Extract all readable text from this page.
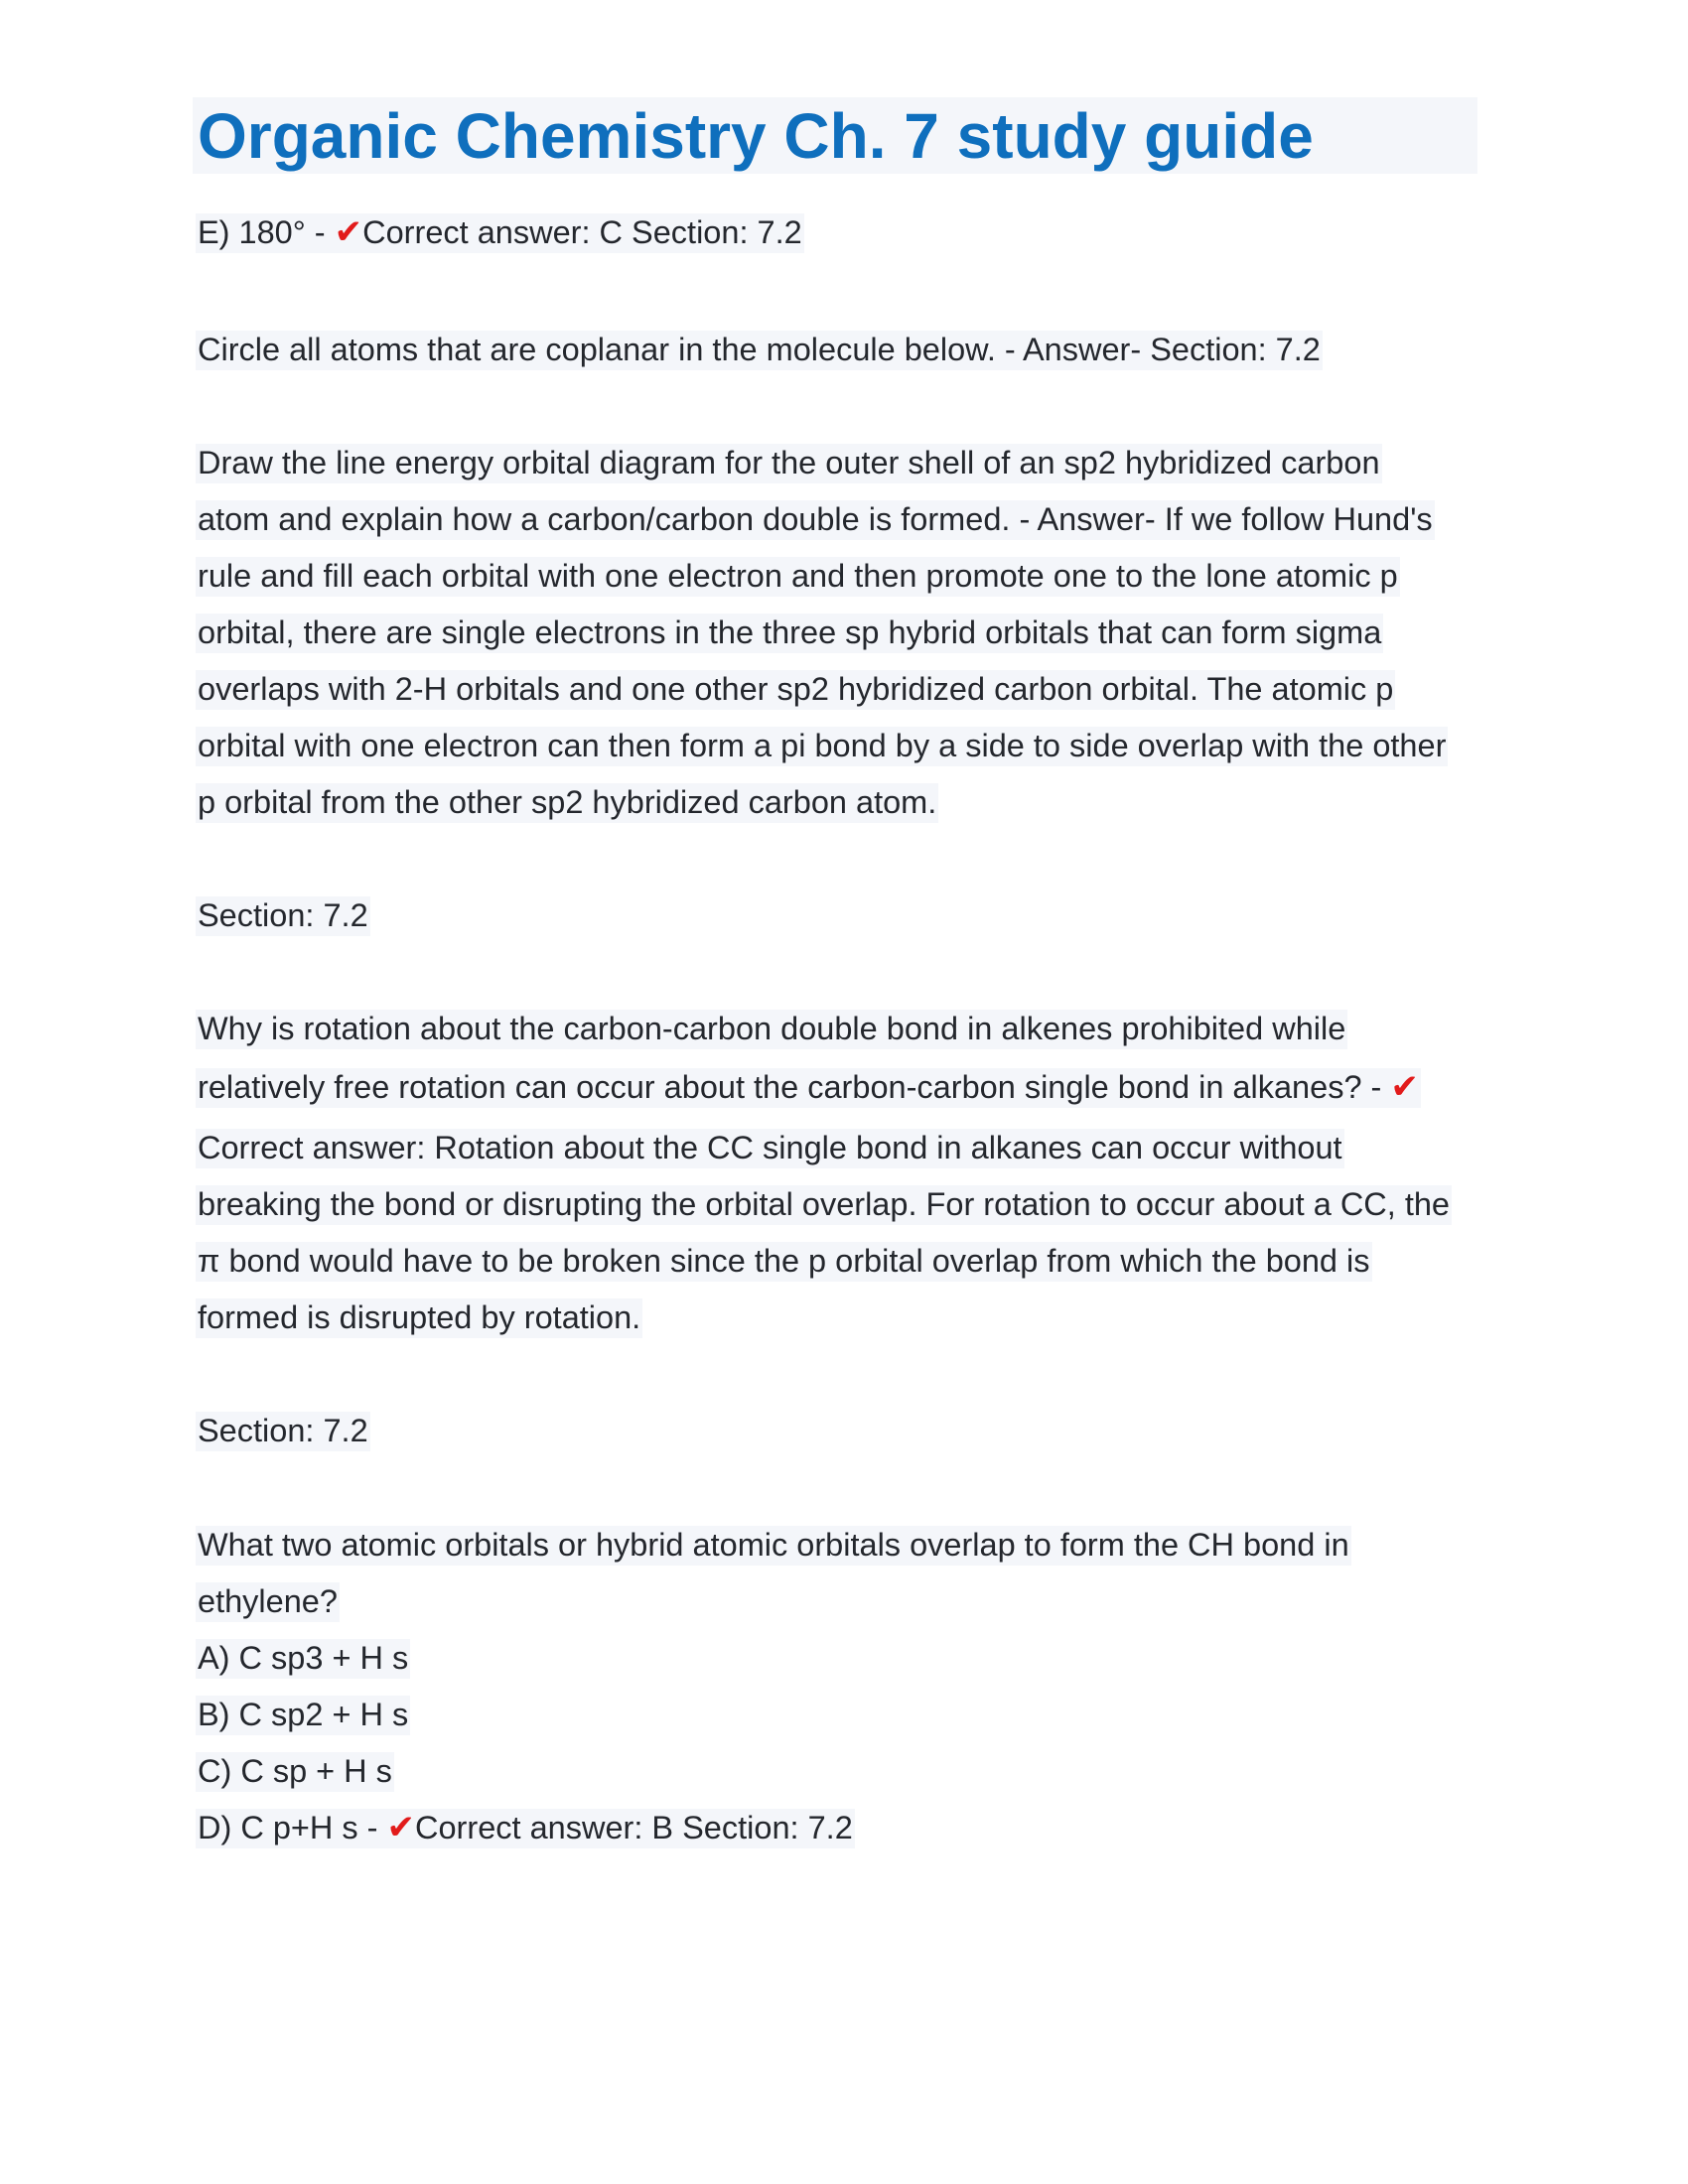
Organic Chemistry Ch. 7 study guide
E) 180° - ✔Correct answer: C Section: 7.2
Circle all atoms that are coplanar in the molecule below. - Answer- Section: 7.2
Draw the line energy orbital diagram for the outer shell of an sp2 hybridized carbon
atom and explain how a carbon/carbon double is formed. - Answer- If we follow Hund's
rule and fill each orbital with one electron and then promote one to the lone atomic p
orbital, there are single electrons in the three sp hybrid orbitals that can form sigma
overlaps with 2-H orbitals and one other sp2 hybridized carbon orbital. The atomic p
orbital with one electron can then form a pi bond by a side to side overlap with the other
p orbital from the other sp2 hybridized carbon atom.
Section: 7.2
Why is rotation about the carbon-carbon double bond in alkenes prohibited while
relatively free rotation can occur about the carbon-carbon single bond in alkanes? - ✔
Correct answer: Rotation about the CC single bond in alkanes can occur without
breaking the bond or disrupting the orbital overlap. For rotation to occur about a CC, the
π bond would have to be broken since the p orbital overlap from which the bond is
formed is disrupted by rotation.
Section: 7.2
What two atomic orbitals or hybrid atomic orbitals overlap to form the CH bond in
ethylene?
A) C sp3 + H s
B) C sp2 + H s
C) C sp + H s
D) C p+H s - ✔Correct answer: B Section: 7.2
